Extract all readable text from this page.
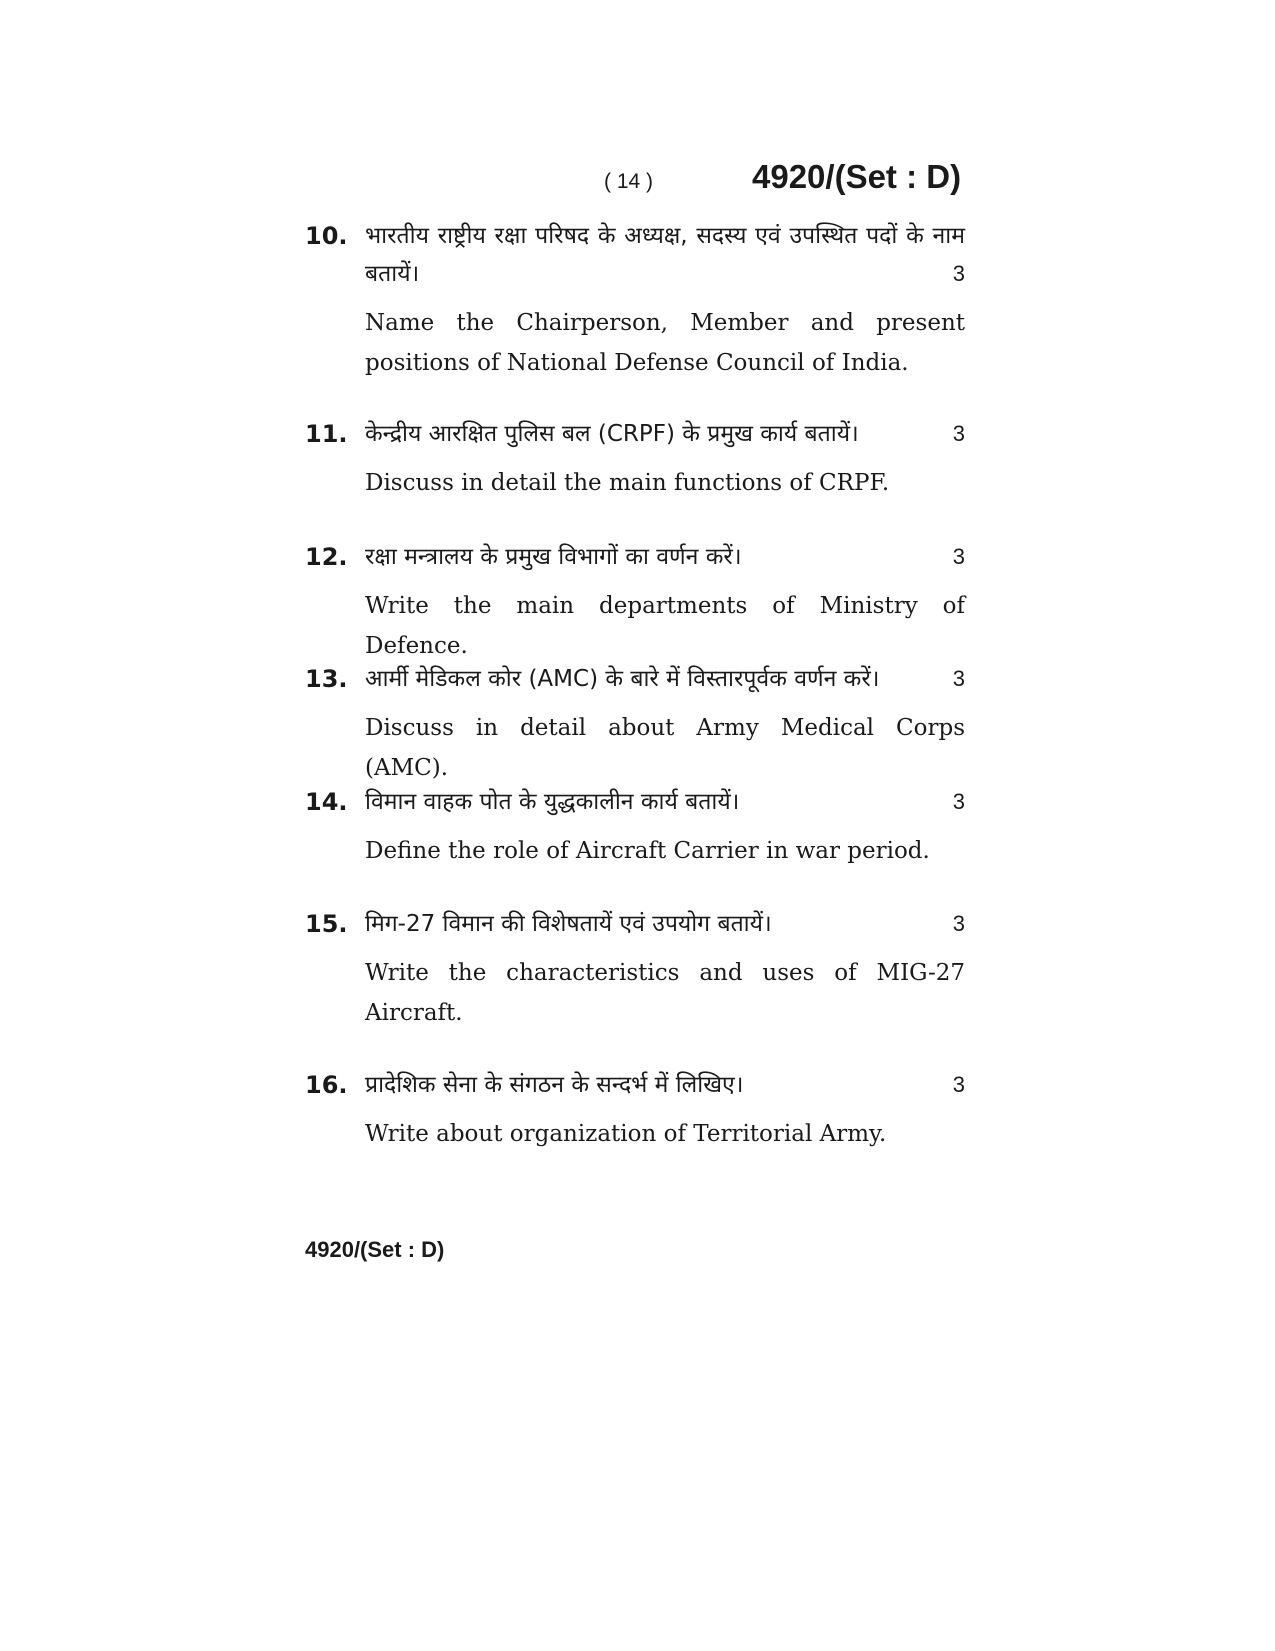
( 14 )	4920/(Set : D)
10. भारतीय राष्ट्रीय रक्षा परिषद के अध्यक्ष, सदस्य एवं उपस्थित पदों के नाम बतायें।	3
Name the Chairperson, Member and present positions of National Defense Council of India.
11. केन्द्रीय आरक्षित पुलिस बल (CRPF) के प्रमुख कार्य बतायें।	3
Discuss in detail the main functions of CRPF.
12. रक्षा मन्त्रालय के प्रमुख विभागों का वर्णन करें।	3
Write the main departments of Ministry of Defence.
13. आर्मी मेडिकल कोर (AMC) के बारे में विस्तारपूर्वक वर्णन करें।	3
Discuss in detail about Army Medical Corps (AMC).
14. विमान वाहक पोत के युद्धकालीन कार्य बतायें।	3
Define the role of Aircraft Carrier in war period.
15. मिग-27 विमान की विशेषतायें एवं उपयोग बतायें।	3
Write the characteristics and uses of MIG-27 Aircraft.
16. प्रादेशिक सेना के संगठन के सन्दर्भ में लिखिए।	3
Write about organization of Territorial Army.
4920/(Set : D)
